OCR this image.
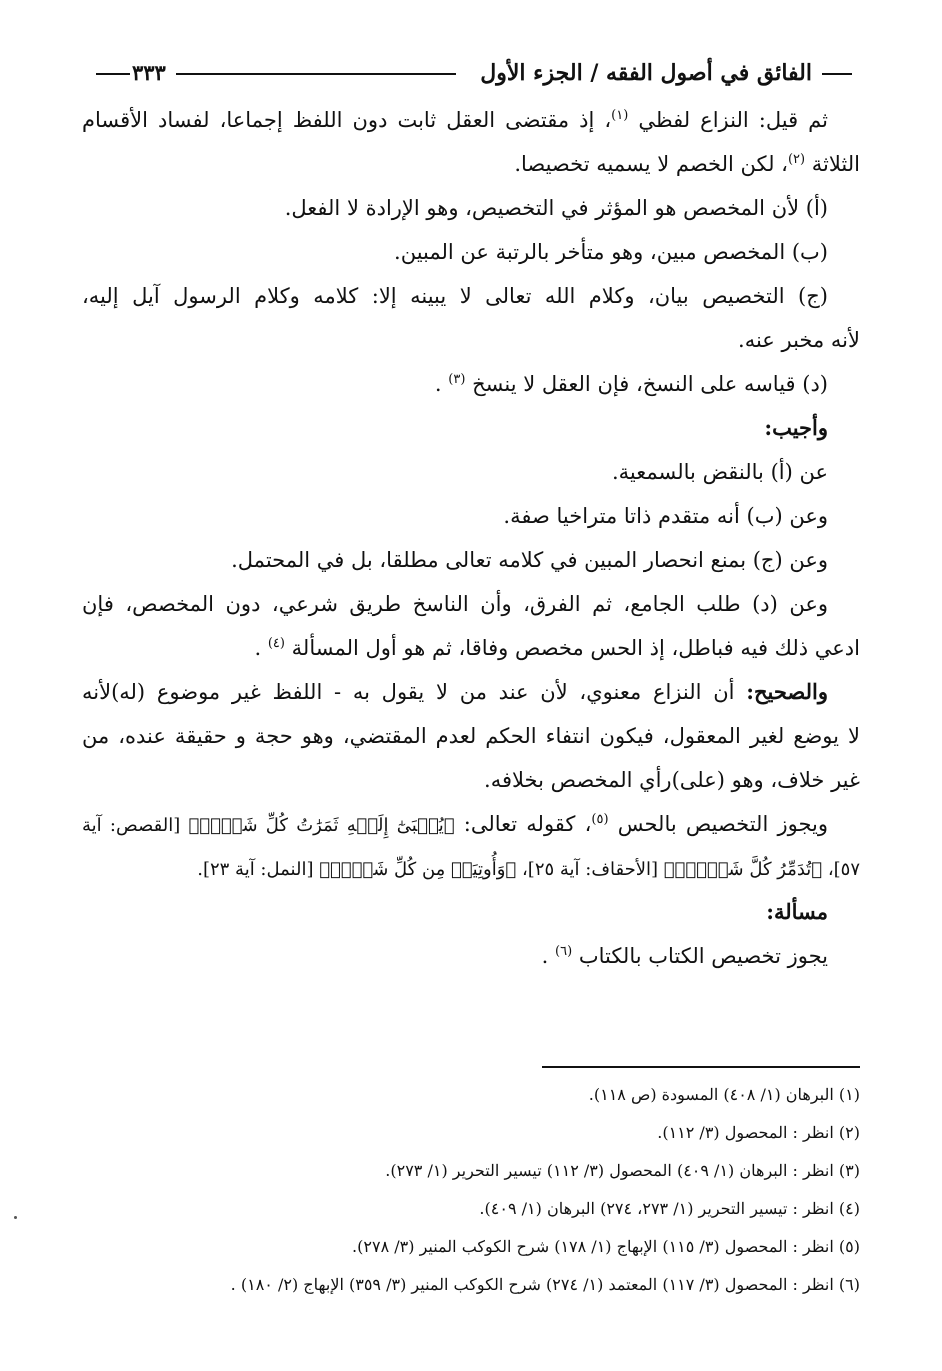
الفائق في أصول الفقه / الجزء الأول
٣٣٣
ثم قيل: النزاع لفظي $^{(١)}$، إذ مقتضى العقل ثابت دون اللفظ إجماعا، لفساد الأقسام
الثلاثة $^{(٢)}$، لكن الخصم لا يسميه تخصيصا.
(أ) لأن المخصص هو المؤثر في التخصيص، وهو الإرادة لا الفعل.
(ب) المخصص مبين، وهو متأخر بالرتبة عن المبين.
(ج) التخصيص بيان، وكلام الله تعالى لا يبينه إلا: كلامه وكلام الرسول آيل إليه،
لأنه مخبر عنه.
(د) قياسه على النسخ، فإن العقل لا ينسخ $^{(٣)}$ .
وأجيب:
عن (أ) بالنقض بالسمعية.
وعن (ب) أنه متقدم ذاتا متراخيا صفة.
وعن (ج) بمنع انحصار المبين في كلامه تعالى مطلقا، بل في المحتمل.
وعن (د) طلب الجامع، ثم الفرق، وأن الناسخ طريق شرعي، دون المخصص، فإن
ادعي ذلك فيه فباطل، إذ الحس مخصص وفاقا، ثم هو أول المسألة $^{(٤)}$ .
والصحيح: أن النزاع معنوي، لأن عند من لا يقول به - اللفظ غير موضوع (له)لأنه
لا يوضع لغير المعقول، فيكون انتفاء الحكم لعدم المقتضي، وهو حجة و حقيقة عنده، من
غير خلاف، وهو (على)رأي المخصص بخلافه.
ويجوز التخصيص بالحس $^{(٥)}$، كقوله تعالى: ﴿يُجۡبَىٰٓ إِلَيۡهِ ثَمَرَٰتُ كُلِّ شَيۡءٖ﴾ [القصص: آية
٥٧]، ﴿تُدَمِّرُ كُلَّ شَيۡءِۭ﴾ [الأحقاف: آية ٢٥]، ﴿وَأُوتِيَتۡ مِن كُلِّ شَيۡءٖ﴾ [النمل: آية ٢٣].
مسألة:
يجوز تخصيص الكتاب بالكتاب $^{(٦)}$ .
(١) البرهان (١/ ٤٠٨) المسودة (ص ١١٨).
(٢) انظر : المحصول (٣/ ١١٢).
(٣) انظر : البرهان (١/ ٤٠٩) المحصول (٣/ ١١٢) تيسير التحرير (١/ ٢٧٣).
(٤) انظر : تيسير التحرير (١/ ٢٧٣، ٢٧٤) البرهان (١/ ٤٠٩).
(٥) انظر : المحصول (٣/ ١١٥) الإبهاج (١/ ١٧٨) شرح الكوكب المنير (٣/ ٢٧٨).
(٦) انظر : المحصول (٣/ ١١٧) المعتمد (١/ ٢٧٤) شرح الكوكب المنير (٣/ ٣٥٩) الإبهاج (٢/ ١٨٠) .
